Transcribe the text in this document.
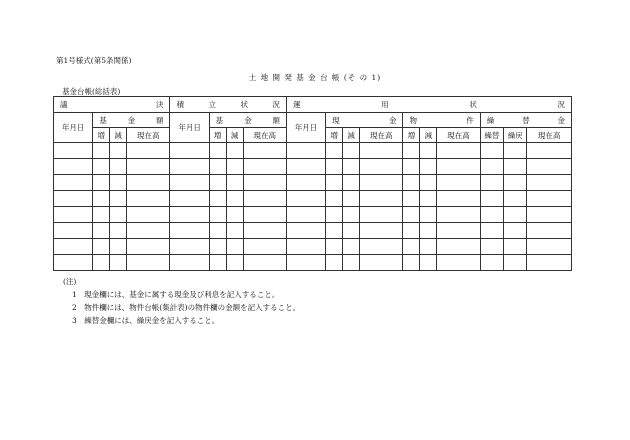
第1号様式(第5条関係)
土 地 開 発 基 金 台 帳 (そ の 1)
基金台帳(総括表)
議 決				積 立 状 況				運 用 状 況									

年月日	基 金 額			年月日	基 金 額			年月日	現 金			物 件			繰 替 金		

	増	減	現在高		増	減	現在高		増	減	現在高	増	減	現在高	繰替	繰戻	現在高

(注)
1　現金欄には、基金に属する現金及び利息を記入すること。
2　物件欄には、物件台帳(集計表)の物件欄の金額を記入すること。
3　繰替金欄には、繰戻金を記入すること。
